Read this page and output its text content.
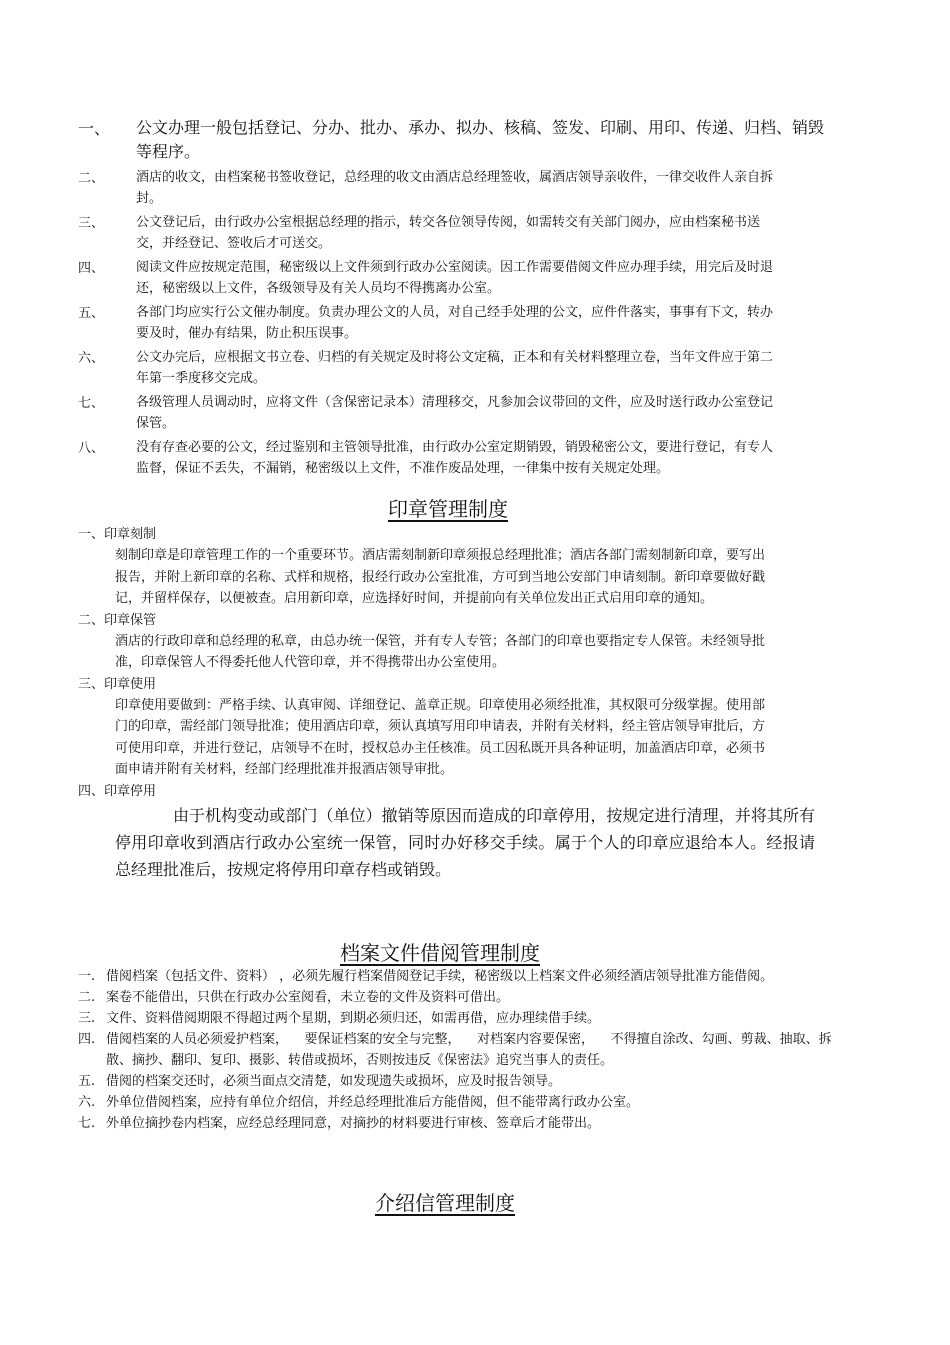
一、 公文办理一般包括登记、分办、批办、承办、拟办、核稿、签发、印刷、用印、传递、归档、销毁等程序。
二、 酒店的收文，由档案秘书签收登记，总经理的收文由酒店总经理签收，属酒店领导亲收件，一律交收件人亲自拆封。
三、 公文登记后，由行政办公室根据总经理的指示，转交各位领导传阅，如需转交有关部门阅办，应由档案秘书送交，并经登记、签收后才可送交。
四、 阅读文件应按规定范围，秘密级以上文件须到行政办公室阅读。因工作需要借阅文件应办理手续，用完后及时退还，秘密级以上文件，各级领导及有关人员均不得携离办公室。
五、 各部门均应实行公文催办制度。负责办理公文的人员，对自己经手处理的公文，应件件落实，事事有下文，转办要及时，催办有结果，防止积压误事。
六、 公文办完后，应根据文书立卷、归档的有关规定及时将公文定稿，正本和有关材料整理立卷，当年文件应于第二年第一季度移交完成。
七、 各级管理人员调动时，应将文件（含保密记录本）清理移交，凡参加会议带回的文件，应及时送行政办公室登记保管。
八、 没有存查必要的公文，经过鉴别和主管领导批准，由行政办公室定期销毁，销毁秘密公文，要进行登记，有专人监督，保证不丢失，不漏销，秘密级以上文件，不准作废品处理，一律集中按有关规定处理。
印章管理制度
一、印章刻制
刻制印章是印章管理工作的一个重要环节。酒店需刻制新印章须报总经理批准；酒店各部门需刻制新印章，要写出报告，并附上新印章的名称、式样和规格，报经行政办公室批准，方可到当地公安部门申请刻制。新印章要做好戳记，并留样保存，以便被查。启用新印章，应选择好时间，并提前向有关单位发出正式启用印章的通知。
二、印章保管
酒店的行政印章和总经理的私章，由总办统一保管，并有专人专管；各部门的印章也要指定专人保管。未经领导批准，印章保管人不得委托他人代管印章，并不得携带出办公室使用。
三、印章使用
印章使用要做到：严格手续、认真审阅、详细登记、盖章正规。印章使用必须经批准，其权限可分级掌握。使用部门的印章，需经部门领导批准；使用酒店印章，须认真填写用印申请表，并附有关材料，经主管店领导审批后，方可使用印章，并进行登记，店领导不在时，授权总办主任核准。员工因私既开具各种证明，加盖酒店印章，必须书面申请并附有关材料，经部门经理批准并报酒店领导审批。
四、印章停用
由于机构变动或部门（单位）撤销等原因而造成的印章停用，按规定进行清理，并将其所有停用印章收到酒店行政办公室统一保管，同时办好移交手续。属于个人的印章应退给本人。经报请总经理批准后，按规定将停用印章存档或销毁。
档案文件借阅管理制度
一. 借阅档案（包括文件、资料） ，必须先履行档案借阅登记手续，秘密级以上档案文件必须经酒店领导批准方能借阅。
二. 案卷不能借出，只供在行政办公室阅看，未立卷的文件及资料可借出。
三. 文件、资料借阅期限不得超过两个星期，到期必须归还，如需再借，应办理续借手续。
四. 借阅档案的人员必须爱护档案，    要保证档案的安全与完整，    对档案内容要保密，    不得擅自涂改、勾画、剪裁、抽取、拆散、摘抄、翻印、复印、摄影、转借或损坏，否则按违反《保密法》追究当事人的责任。
五. 借阅的档案交还时，必须当面点交清楚，如发现遗失或损坏，应及时报告领导。
六. 外单位借阅档案，应持有单位介绍信，并经总经理批准后方能借阅，但不能带离行政办公室。
七. 外单位摘抄卷内档案，应经总经理同意，对摘抄的材料要进行审核、签章后才能带出。
介绍信管理制度
